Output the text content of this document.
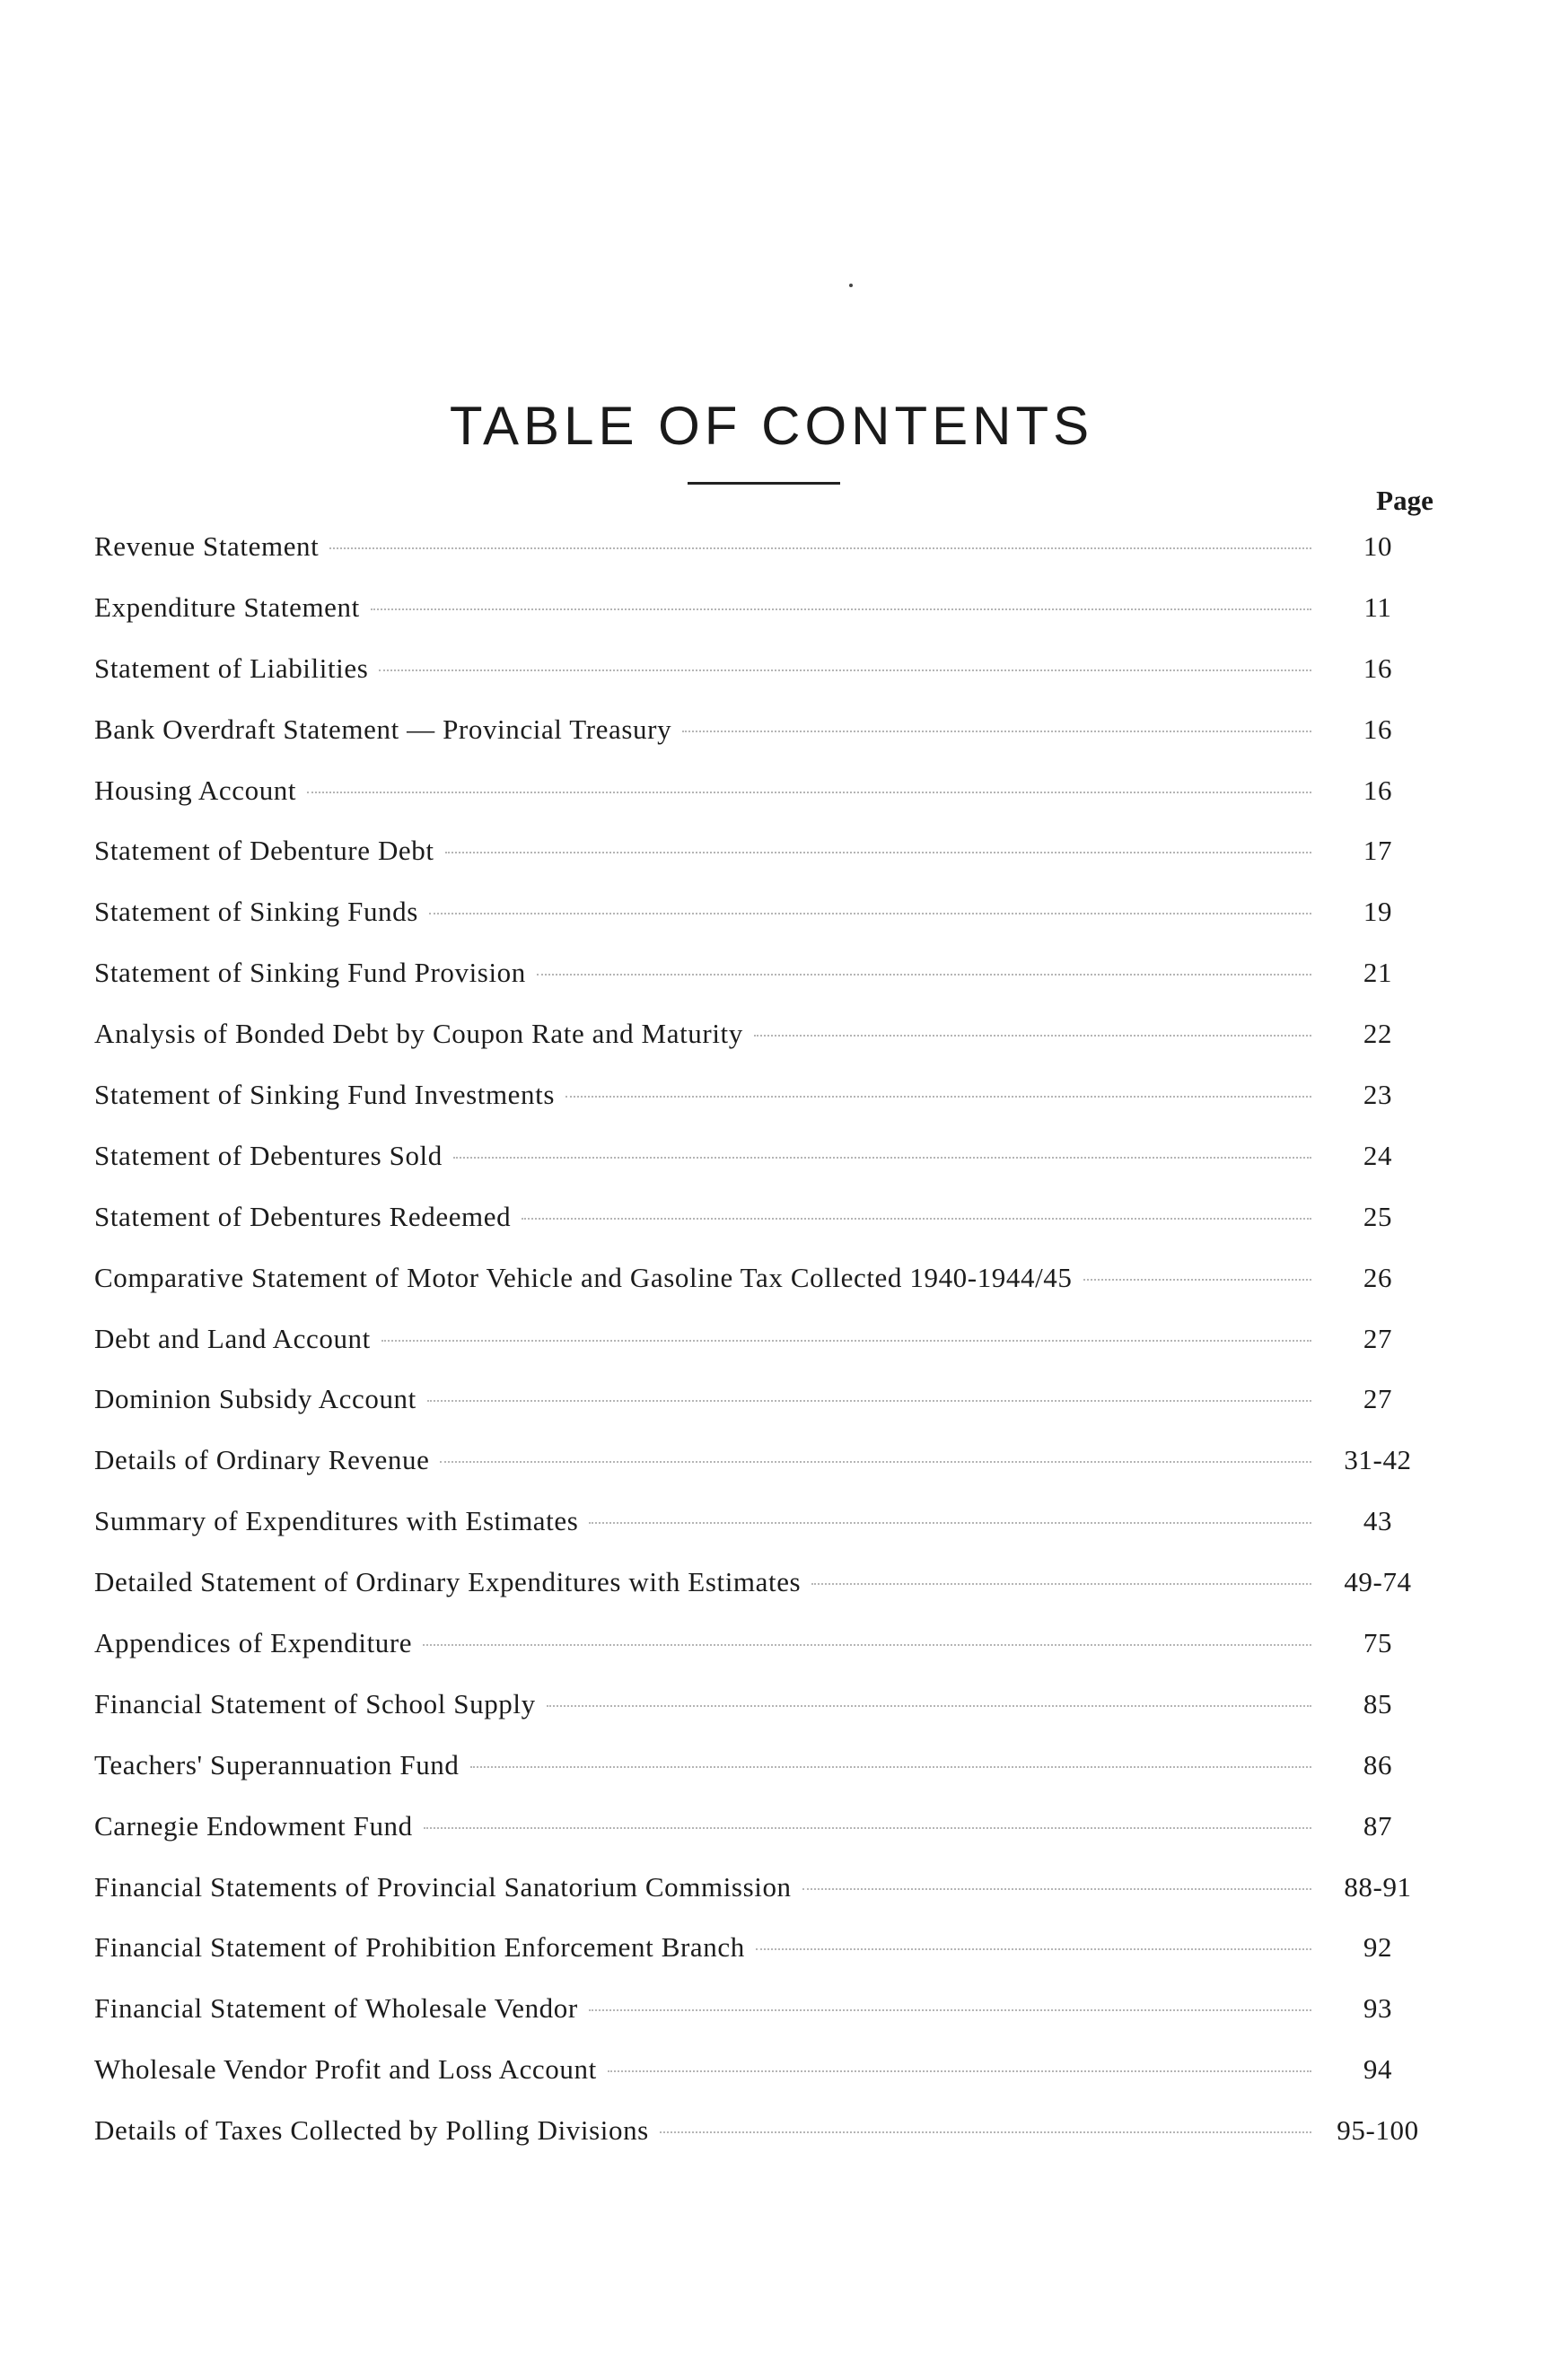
TABLE OF CONTENTS
Page
Revenue Statement	10
Expenditure Statement	11
Statement of Liabilities	16
Bank Overdraft Statement — Provincial Treasury	16
Housing Account	16
Statement of Debenture Debt	17
Statement of Sinking Funds	19
Statement of Sinking Fund Provision	21
Analysis of Bonded Debt by Coupon Rate and Maturity	22
Statement of Sinking Fund Investments	23
Statement of Debentures Sold	24
Statement of Debentures Redeemed	25
Comparative Statement of Motor Vehicle and Gasoline Tax Collected 1940-1944/45	26
Debt and Land Account	27
Dominion Subsidy Account	27
Details of Ordinary Revenue	31-42
Summary of Expenditures with Estimates	43
Detailed Statement of Ordinary Expenditures with Estimates	49-74
Appendices of Expenditure	75
Financial Statement of School Supply	85
Teachers' Superannuation Fund	86
Carnegie Endowment Fund	87
Financial Statements of Provincial Sanatorium Commission	88-91
Financial Statement of Prohibition Enforcement Branch	92
Financial Statement of Wholesale Vendor	93
Wholesale Vendor Profit and Loss Account	94
Details of Taxes Collected by Polling Divisions	95-100
